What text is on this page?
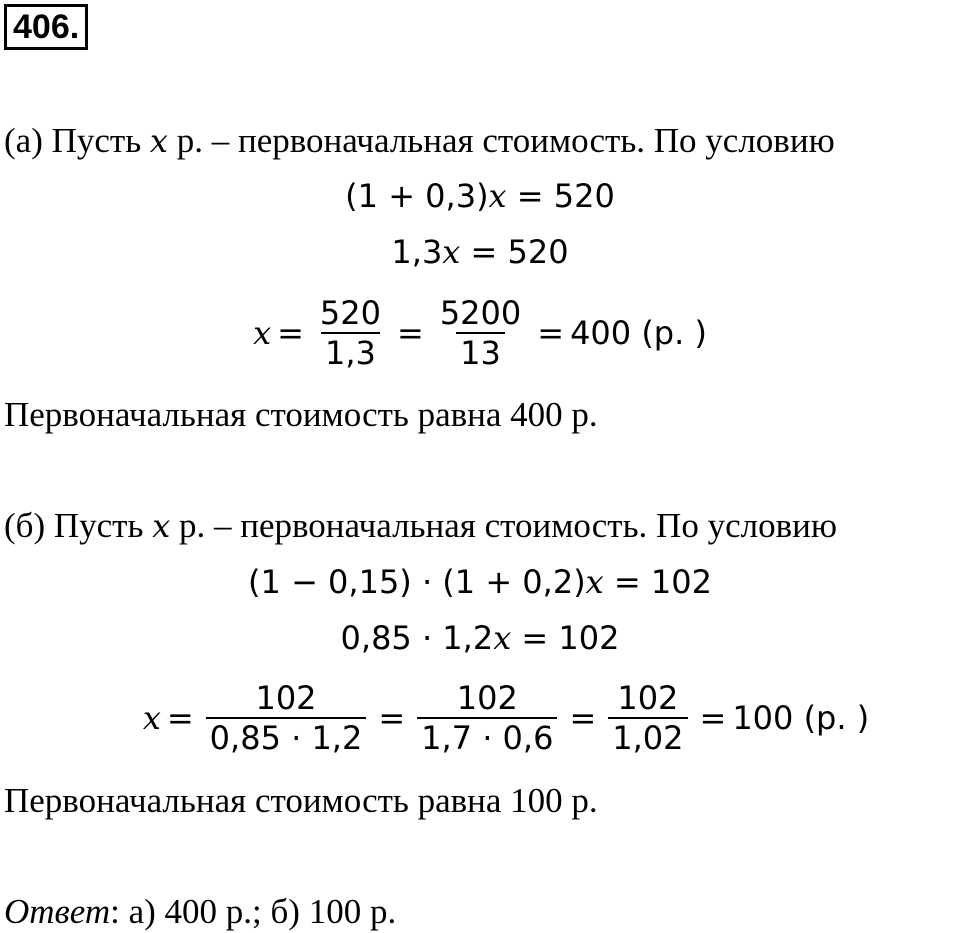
406.
(а) Пусть x р. – первоначальная стоимость. По условию
(1 + 0,3)x = 520
1,3x = 520
$x = \frac{520}{1,3} = \frac{5200}{13} = 400$ (р. )
Первоначальная стоимость равна 400 р.
(б) Пусть x р. – первоначальная стоимость. По условию
(1 − 0,15) ⋅ (1 + 0,2)x = 102
0,85 ⋅ 1,2x = 102
$x = \frac{102}{0,85 \cdot 1,2} = \frac{102}{1,7 \cdot 0,6} = \frac{102}{1,02} = 100$ (р. )
Первоначальная стоимость равна 100 р.
Ответ: а) 400 р.; б) 100 р.
